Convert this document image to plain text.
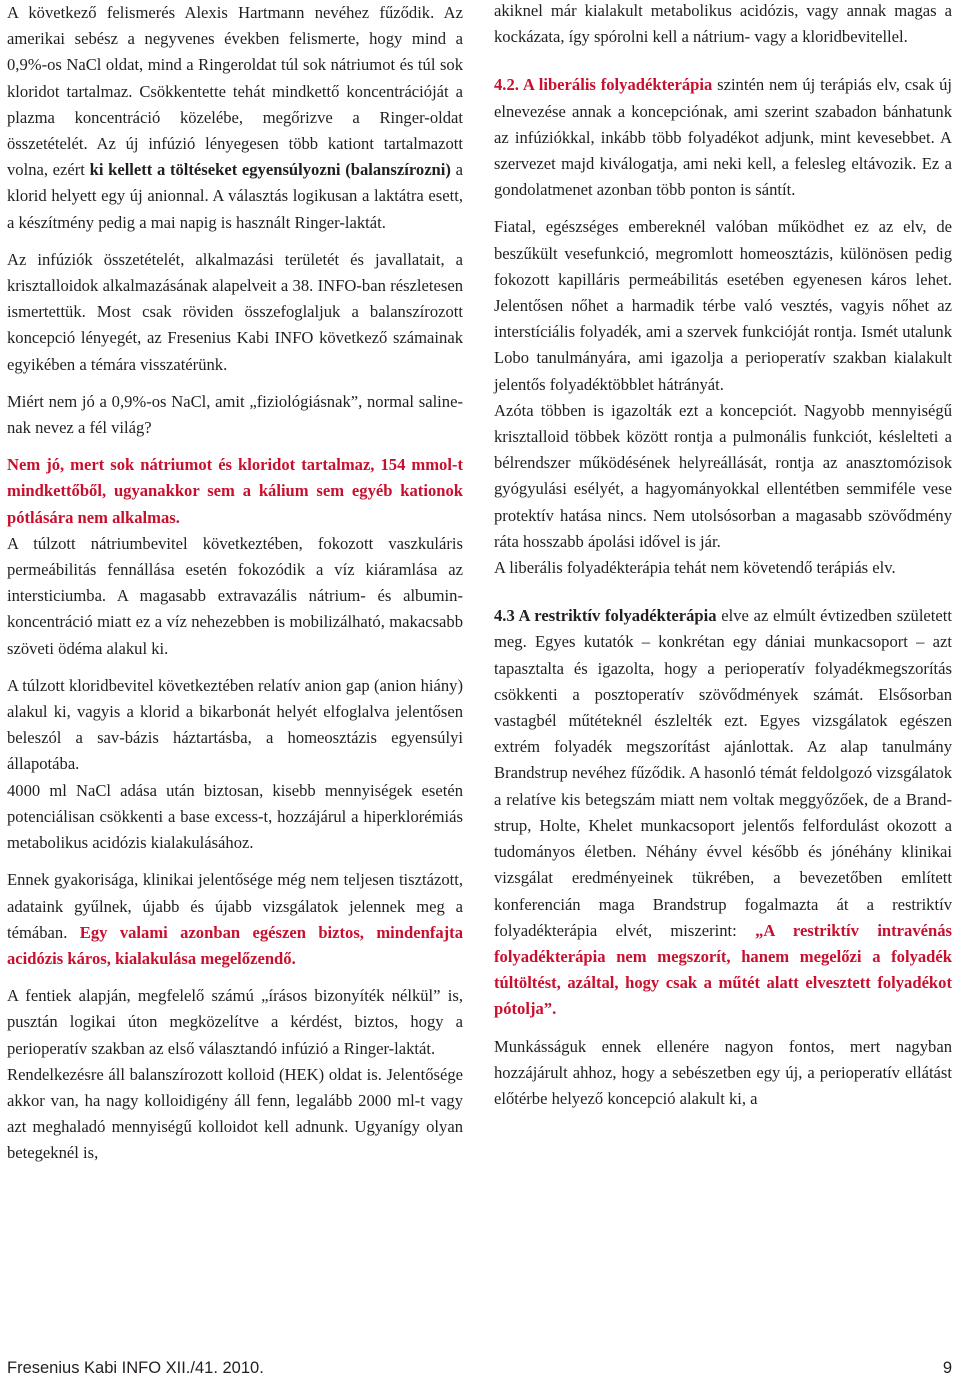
A következő felismerés Alexis Hartmann nevéhez fűződik. Az amerikai sebész a negyvenes években felismerte, hogy mind a 0,9%-os NaCl oldat, mind a Ringeroldat túl sok nátriumot és túl sok kloridot tartalmaz. Csökkentette tehát mindkettő koncentrációját a plazma koncentráció közelébe, megőrizve a Ringer-oldat összetételét. Az új infúzió lényegesen több kationt tartalmazott volna, ezért ki kellett a töltéseket egyensúlyozni (balanszírozni) a klorid helyett egy új anionnal. A választás logikusan a laktátra esett, a készítmény pedig a mai napig is használt Ringer-laktát.

Az infúziók összetételét, alkalmazási területét és javallatait, a krisztalloidok alkalmazásának alapelveit a 38. INFO-ban részletesen ismertettük. Most csak röviden összefoglaljuk a balanszírozott koncepció lényegét, az Fresenius Kabi INFO következő számainak egyikében a témára visszatérünk.

Miért nem jó a 0,9%-os NaCl, amit „fiziológiásnak”, normal saline-nak nevez a fél világ?

Nem jó, mert sok nátriumot és kloridot tartalmaz, 154 mmol-t mindkettőből, ugyanakkor sem a kálium sem egyéb kationok pótlására nem alkalmas.

A túlzott nátriumbevitel következtében, fokozott vaszkuláris permeábilitás fennállása esetén fokozódik a víz kiáramlása az intersticiumba. A magasabb extravazális nátrium- és albumin-koncentráció miatt ez a víz nehezebben is mobilizálható, makacsabb szöveti ödéma alakul ki.

A túlzott kloridbevitel következtében relatív anion gap (anion hiány) alakul ki, vagyis a klorid a bikarbonát helyét elfoglalva jelentősen beleszól a sav-bázis háztartásba, a homeosztázis egyensúlyi állapotába.

4000 ml NaCl adása után biztosan, kisebb mennyiségek esetén potenciálisan csökkenti a base excess-t, hozzájárul a hiperklorémiás metabolikus acidózis kialakulásához.

Ennek gyakorisága, klinikai jelentősége még nem teljesen tisztázott, adataink gyűlnek, újabb és újabb vizsgálatok jelennek meg a témában. Egy valami azonban egészen biztos, mindenfajta acidózis káros, kialakulása megelőzendő.

A fentiek alapján, megfelelő számú „írásos bizonyíték nélkül” is, pusztán logikai úton megközelítve a kérdést, biztos, hogy a perioperatív szakban az első választandó infúzió a Ringer-laktát.

Rendelkezésre áll balanszírozott kolloid (HEK) oldat is. Jelentősége akkor van, ha nagy kolloidigény áll fenn, legalább 2000 ml-t vagy azt meghaladó mennyiségű kolloidot kell adnunk. Ugyanígy olyan betegeknél is,

akiknel már kialakult metabolikus acidózis, vagy annak magas a kockázata, így spórolni kell a nátrium- vagy a kloridbevitellel.

4.2. A liberális folyadékterápia szintén nem új terápiás elv, csak új elnevezése annak a koncepciónak, ami szerint szabadon bánhatunk az infúziókkal, inkább több folyadékot adjunk, mint kevesebbet. A szervezet majd kiválogatja, ami neki kell, a felesleg eltávozik. Ez a gondolatmenet azonban több ponton is sántít.

Fiatal, egészséges embereknél valóban működhet ez az elv, de beszűkült vesefunkció, megromlott homeosztázis, különösen pedig fokozott kapilláris permeábilitás esetében egyenesen káros lehet. Jelentősen nőhet a harmadik térbe való vesztés, vagyis nőhet az interstíciális folyadék, ami a szervek funkcióját rontja. Ismét utalunk Lobo tanulmányára, ami igazolja a perioperatív szakban kialakult jelentős folyadéktöbblet hátrányát.

Azóta többen is igazolták ezt a koncepciót. Nagyobb mennyiségű krisztalloid többek között rontja a pulmonális funkciót, késlelteti a bélrendszer működésének helyreállását, rontja az anasztomózisok gyógyulási esélyét, a hagyományokkal ellentétben semmiféle vese protektív hatása nincs. Nem utolsósorban a magasabb szövődmény ráta hosszabb ápolási idővel is jár.

A liberális folyadékterápia tehát nem követendő terápiás elv.

4.3 A restriktív folyadékterápia elve az elmúlt évtizedben született meg. Egyes kutatók – konkrétan egy dániai munkacsoport – azt tapasztalta és igazolta, hogy a perioperatív folyadékmegszorítás csökkenti a posztoperatív szövődmények számát. Elsősorban vastagbél műtéteknél észlelték ezt. Egyes vizsgálatok egészen extrém folyadék megszorítást ajánlottak. Az alap tanulmány Brandstrup nevéhez fűződik. A hasonló témát feldolgozó vizsgálatok a relatíve kis betegszám miatt nem voltak meggyőzőek, de a Brandstrup, Holte, Khelet munkacsoport jelentős felfordulást okozott a tudományos életben. Néhány évvel később és jónéhány klinikai vizsgálat eredményeinek tükrében, a bevezetőben említett konferencián maga Brandstrup fogalmazta át a restriktív folyadékterápia elvét, miszerint: „A restriktív intravénás folyadékterápia nem megszorít, hanem megelőzi a folyadék túltöltést, azáltal, hogy csak a műtét alatt elvesztett folyadékot pótolja”.

Munkásságuk ennek ellenére nagyon fontos, mert nagyban hozzájárult ahhoz, hogy a sebészetben egy új, a perioperatív ellátást előtérbe helyező koncepció alakult ki, a

Fresenius Kabi INFO XII./41. 2010.	9
